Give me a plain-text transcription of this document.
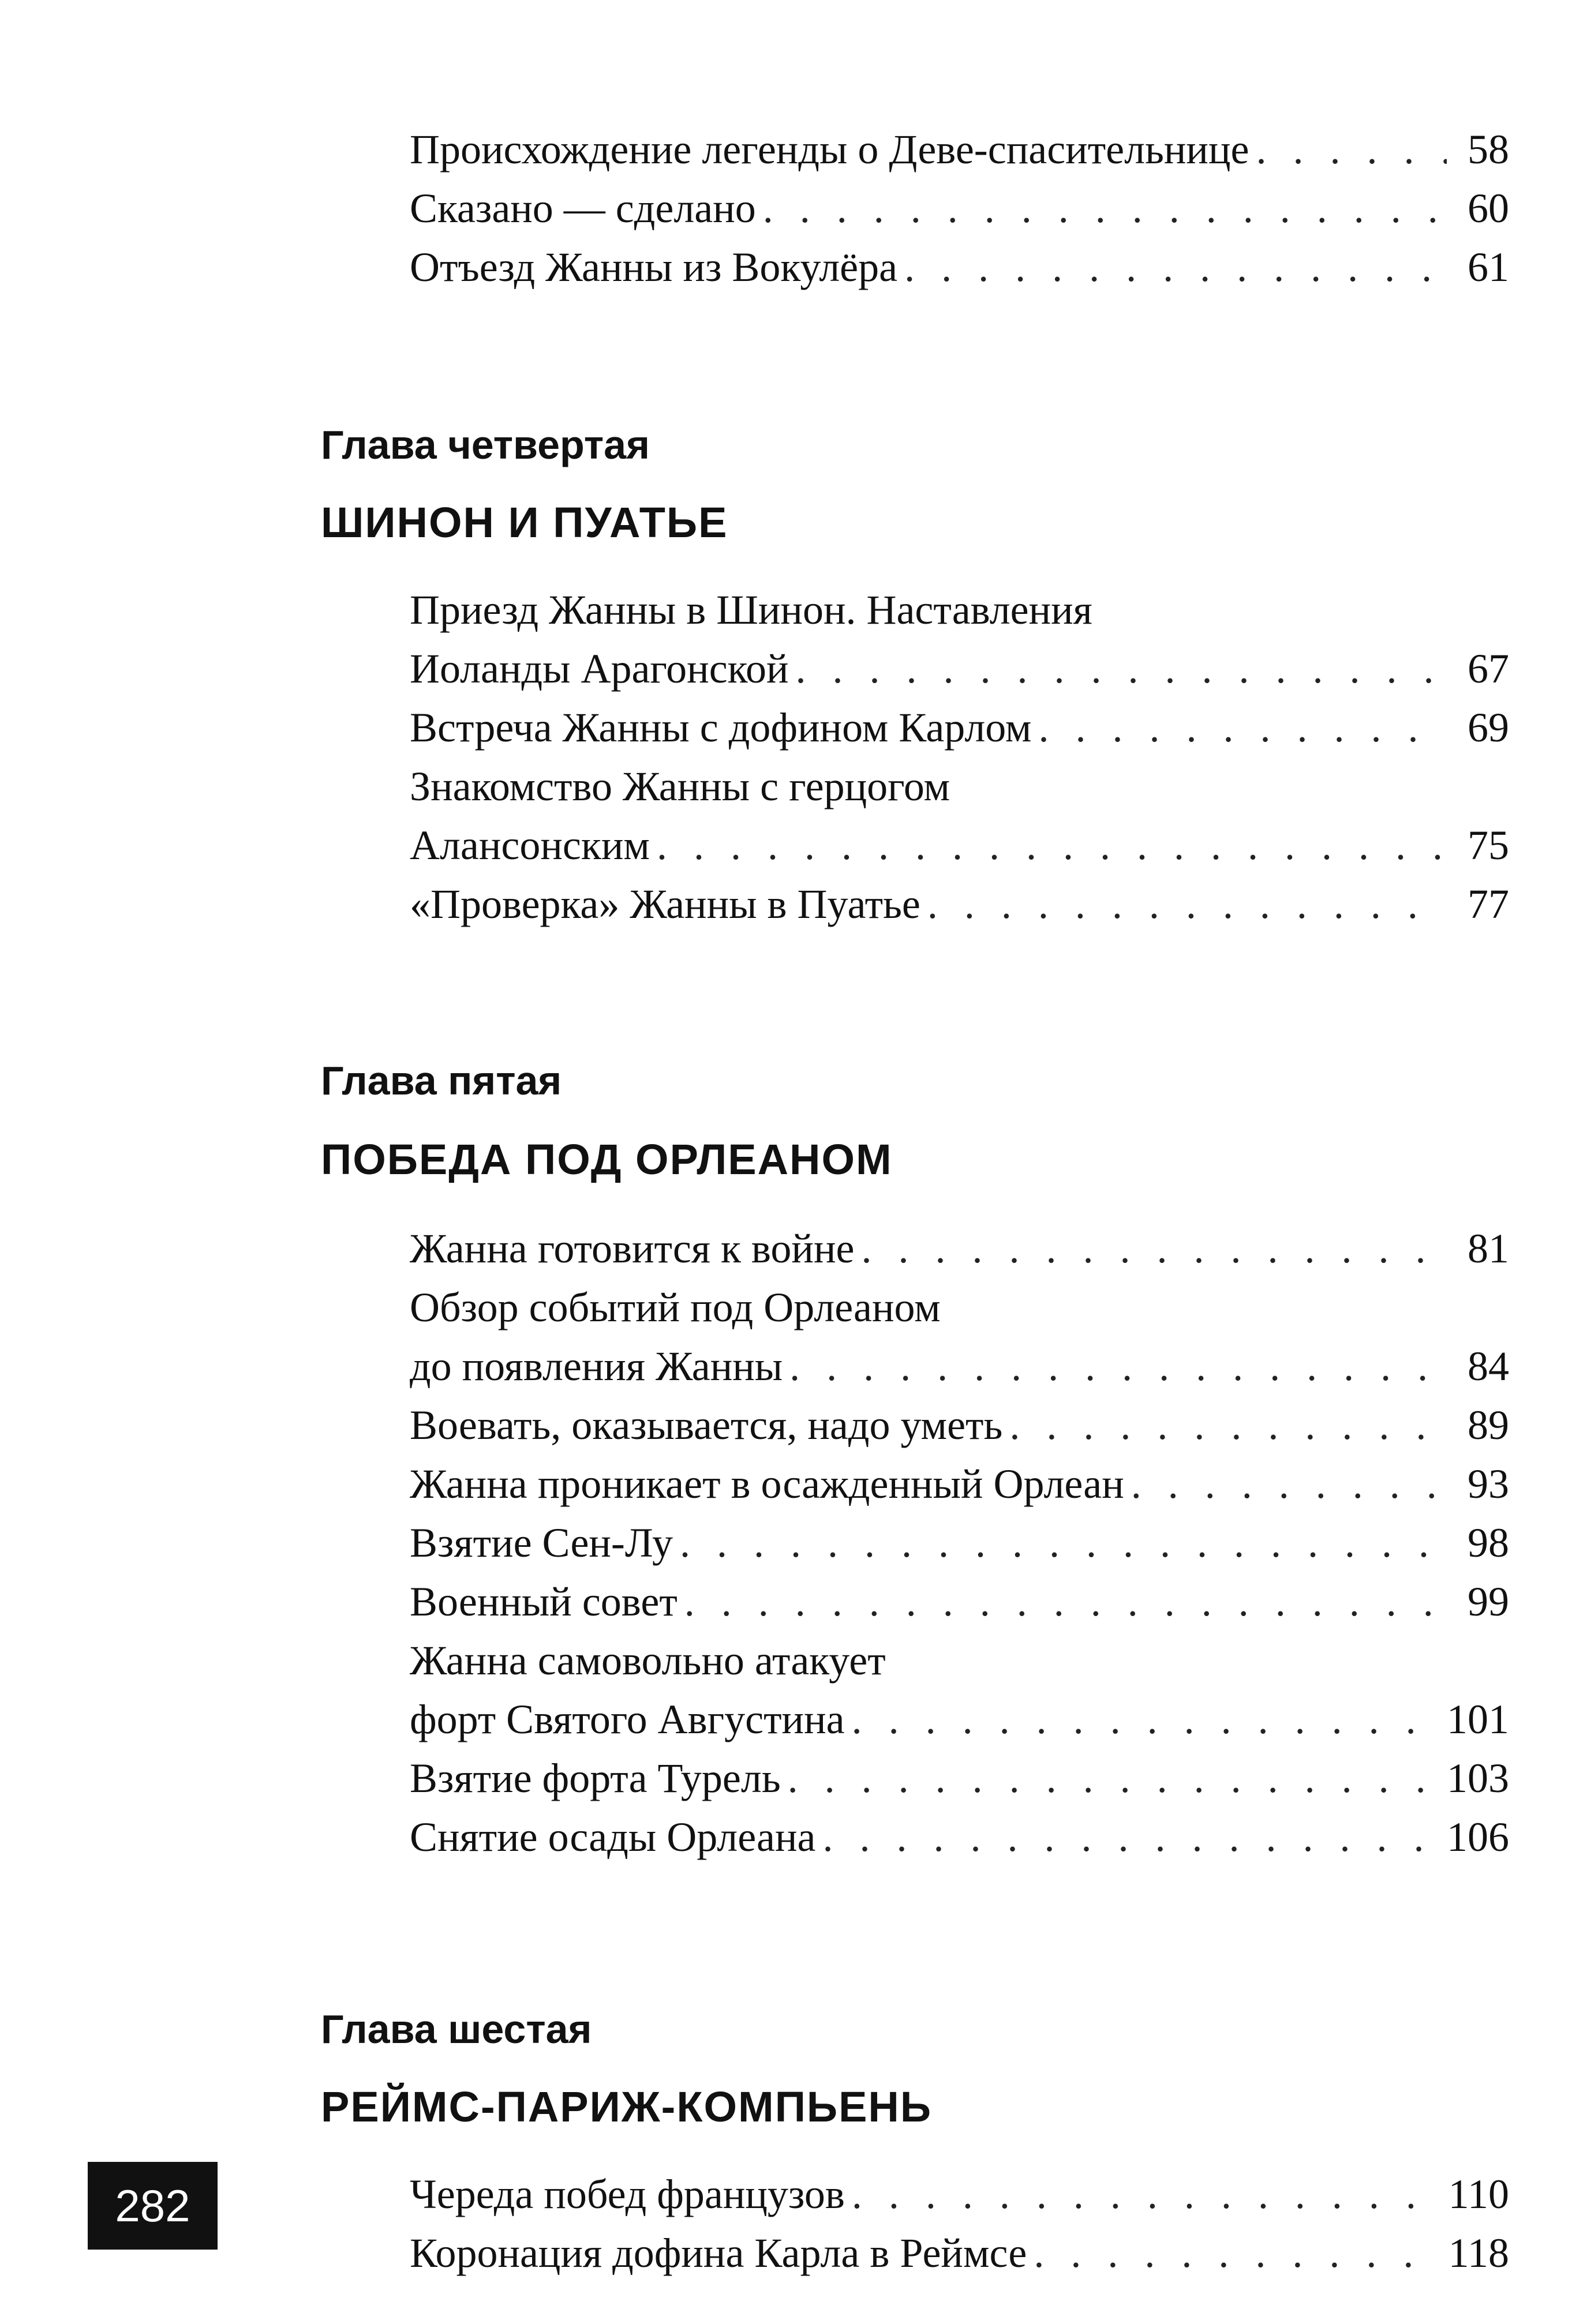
Происхождение легенды о Деве-спасительнице . . .	58
Сказано — сделано . . .	60
Отъезд Жанны из Вокулёра . . .	61
Глава четвертая
ШИНОН И ПУАТЬЕ
Приезд Жанны в Шинон. Наставления
Иоланды Арагонской . . .	67
Встреча Жанны с дофином Карлом . . .	69
Знакомство Жанны с герцогом
Алансонским . . .	75
«Проверка» Жанны в Пуатье . . .	77
Глава пятая
ПОБЕДА ПОД ОРЛЕАНОМ
Жанна готовится к войне . . .	81
Обзор событий под Орлеаном
до появления Жанны . . .	84
Воевать, оказывается, надо уметь . . .	89
Жанна проникает в осажденный Орлеан . . .	93
Взятие Сен-Лу . . .	98
Военный совет . . .	99
Жанна самовольно атакует
форт Святого Августина . . .	101
Взятие форта Турель . . .	103
Снятие осады Орлеана . . .	106
Глава шестая
РЕЙМС-ПАРИЖ-КОМПЬЕНЬ
Череда побед французов . . .	110
Коронация дофина Карла в Реймсе . . .	118
282
